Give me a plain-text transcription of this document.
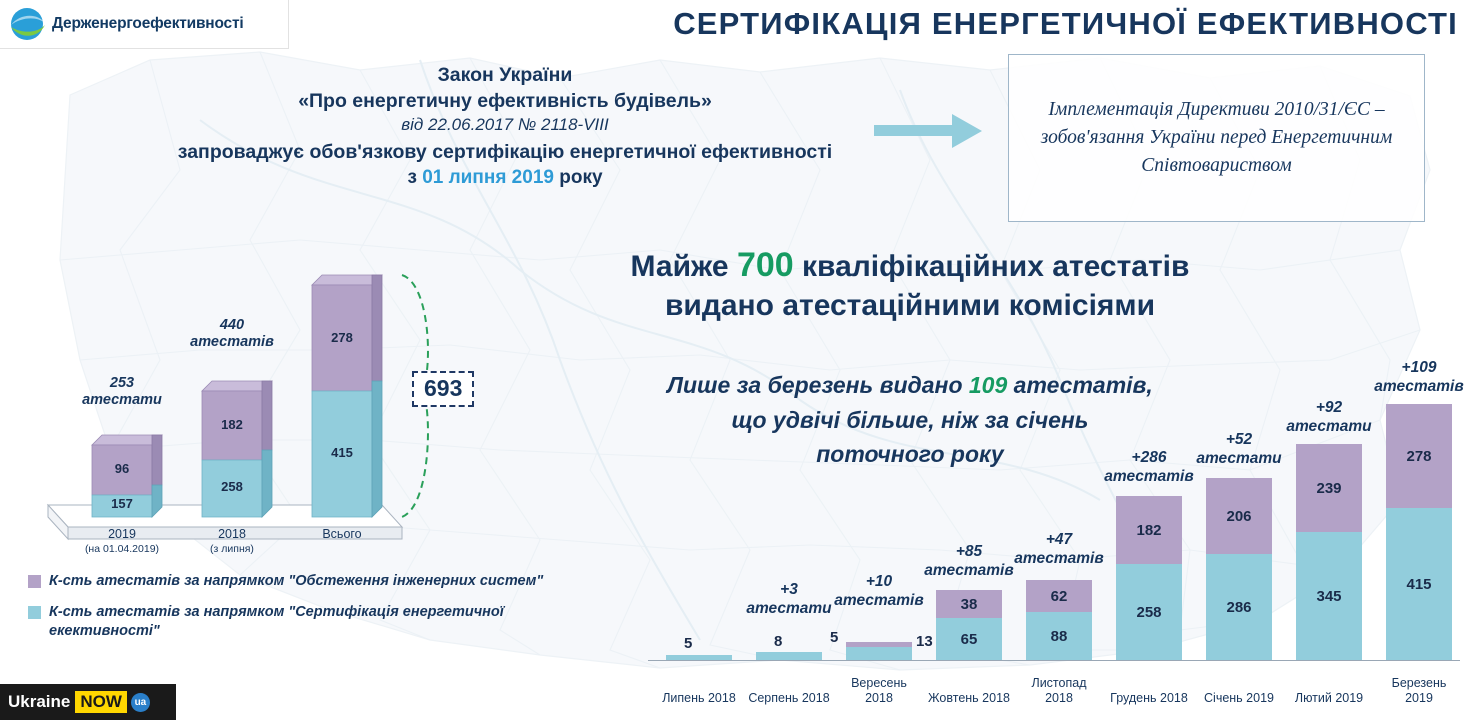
Держенергоефективності	СЕРТИФІКАЦІЯ ЕНЕРГЕТИЧНОЇ ЕФЕКТИВНОСТІ
Закон України
«Про енергетичну ефективність будівель»
від 22.06.2017 № 2118-VIII
запроваджує обов'язкову сертифікацію енергетичної ефективності
з 01 липня 2019 року
Імплементація Директиви 2010/31/ЄС – зобов'язання України перед Енергетичним Співтовариством
Майже 700 кваліфікаційних атестатів
видано атестаційними комісіями
Лише за березень видано 109 атестатів,
що удвічі більше, ніж за січень
поточного року
96
157
182
258
278
415
253
атестати
440
атестатів
693
2019
(на 01.04.2019)
2018
(з липня)
Всього
К-сть атестатів за напрямком "Обстеження інженерних систем"
К-сть атестатів за напрямком "Сертифікація енергетичної екективності"
Ukraine NOW	ua
5
Липень 2018
8
+3
атестати
Серпень 2018
5	13
+10
атестатів
Вересень
2018
38
65
+85
атестатів
Жовтень 2018
62
88
+47
атестатів
Листопад
2018
182
258
+286
атестатів
Грудень 2018
206
286
+52
атестати
Січень 2019
239
345
+92
атестати
Лютий 2019
278
415
+109
атестатів
Березень
2019
